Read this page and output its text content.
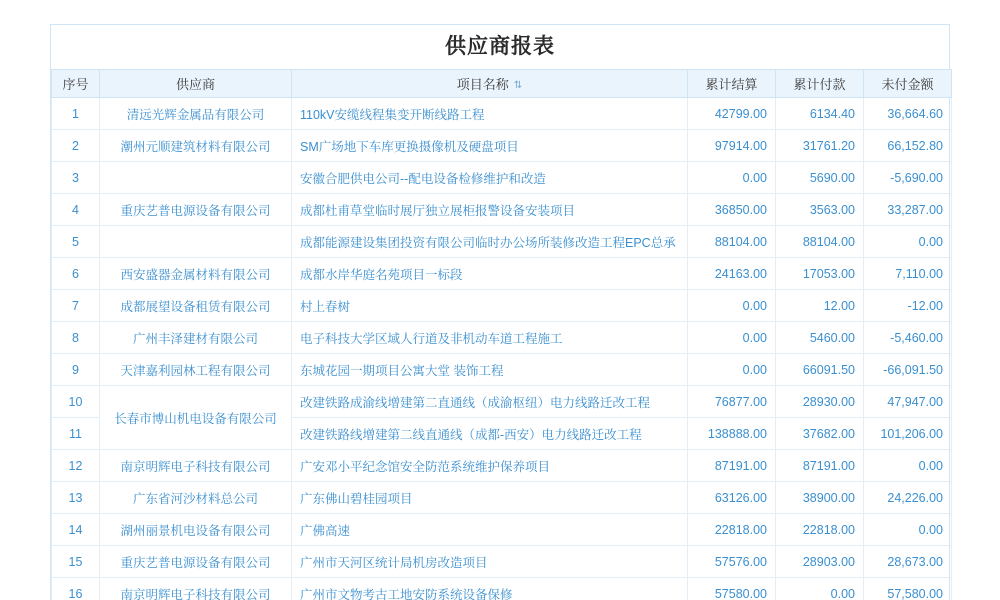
供应商报表
序号	供应商	项目名称 ⇅	累计结算	累计付款	未付金额
1	清远光辉金属品有限公司	110kV安缆线程集变开断线路工程	42799.00	6134.40	36,664.60
2	潮州元顺建筑材料有限公司	SM广场地下车库更换摄像机及硬盘项目	97914.00	31761.20	66,152.80
3		安徽合肥供电公司--配电设备检修维护和改造	0.00	5690.00	-5,690.00
4	重庆艺普电源设备有限公司	成都杜甫草堂临时展厅独立展柜报警设备安装项目	36850.00	3563.00	33,287.00
5		成都能源建设集团投资有限公司临时办公场所装修改造工程EPC总承	88104.00	88104.00	0.00
6	西安盛器金属材料有限公司	成都水岸华庭名苑项目一标段	24163.00	17053.00	7,110.00
7	成都展望设备租赁有限公司	村上春树	0.00	12.00	-12.00
8	广州丰泽建材有限公司	电子科技大学区域人行道及非机动车道工程施工	0.00	5460.00	-5,460.00
9	天津嘉利园林工程有限公司	东城花园一期项目公寓大堂 装饰工程	0.00	66091.50	-66,091.50
10	长春市博山机电设备有限公司	改建铁路成渝线增建第二直通线（成渝枢纽）电力线路迁改工程	76877.00	28930.00	47,947.00
11		改建铁路线增建第二线直通线（成都-西安）电力线路迁改工程	138888.00	37682.00	101,206.00
12	南京明辉电子科技有限公司	广安邓小平纪念馆安全防范系统维护保养项目	87191.00	87191.00	0.00
13	广东省河沙材料总公司	广东佛山碧桂园项目	63126.00	38900.00	24,226.00
14	湖州丽景机电设备有限公司	广佛高速	22818.00	22818.00	0.00
15	重庆艺普电源设备有限公司	广州市天河区统计局机房改造项目	57576.00	28903.00	28,673.00
16	南京明辉电子科技有限公司	广州市文物考古工地安防系统设备保修	57580.00	0.00	57,580.00
